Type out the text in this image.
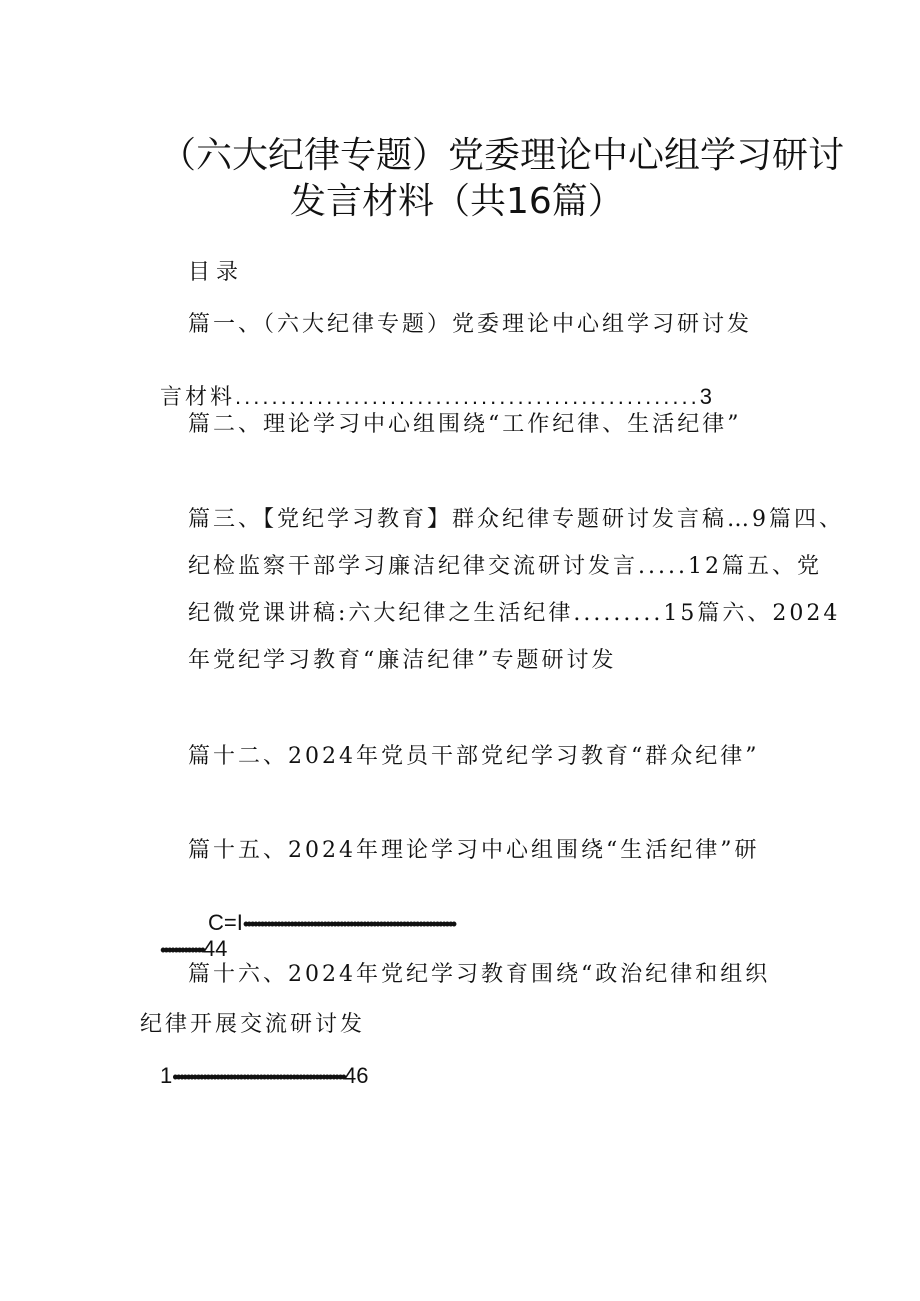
（六大纪律专题）党委理论中心组学习研讨
发言材料（共16篇）
目录
篇一、（六大纪律专题）党委理论中心组学习研讨发

言材料...................................................3

篇二、理论学习中心组围绕“工作纪律、生活纪律”
篇三、【党纪学习教育】群众纪律专题研讨发言稿…9篇四、
纪检监察干部学习廉洁纪律交流研讨发言.....12篇五、党
纪微党课讲稿:六大纪律之生活纪律.........15篇六、2024
年党纪学习教育“廉洁纪律”专题研讨发
篇十二、2024年党员干部党纪学习教育“群众纪律”
篇十五、2024年理论学习中心组围绕“生活纪律”研

C=I••••••••••••••••••••••••••••••••••••••••••••••••••••••••••••••••

•••••••••••••44

篇十六、2024年党纪学习教育围绕“政治纪律和组织
纪律开展交流研讨发

1••••••••••••••••••••••••••••••••••••••••••••••••••••46
